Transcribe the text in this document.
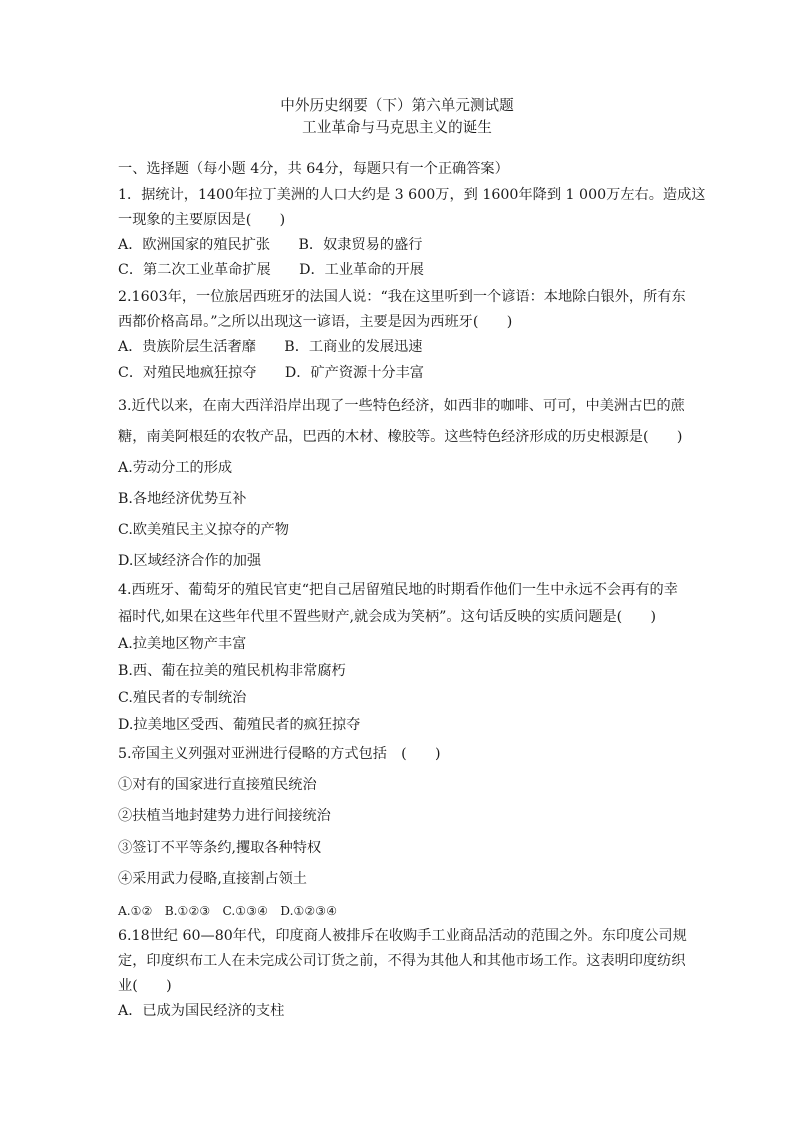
中外历史纲要（下）第六单元测试题
工业革命与马克思主义的诞生
一、选择题（每小题 4分，共 64分，每题只有一个正确答案）
1．据统计，1400年拉丁美洲的人口大约是 3 600万，到 1600年降到 1 000万左右。造成这
一现象的主要原因是(　　)
A．欧洲国家的殖民扩张　　B．奴隶贸易的盛行
C．第二次工业革命扩展　　D．工业革命的开展
2.1603年，一位旅居西班牙的法国人说：“我在这里听到一个谚语：本地除白银外，所有东
西都价格高昂。”之所以出现这一谚语，主要是因为西班牙(　　)
A．贵族阶层生活奢靡　　B．工商业的发展迅速
C．对殖民地疯狂掠夺　　D．矿产资源十分丰富
3.近代以来，在南大西洋沿岸出现了一些特色经济，如西非的咖啡、可可，中美洲古巴的蔗
糖，南美阿根廷的农牧产品，巴西的木材、橡胶等。这些特色经济形成的历史根源是(　　)
A.劳动分工的形成
B.各地经济优势互补
C.欧美殖民主义掠夺的产物
D.区域经济合作的加强
4.西班牙、葡萄牙的殖民官吏“把自己居留殖民地的时期看作他们一生中永远不会再有的幸
福时代,如果在这些年代里不置些财产,就会成为笑柄”。这句话反映的实质问题是(　　)
A.拉美地区物产丰富
B.西、葡在拉美的殖民机构非常腐朽
C.殖民者的专制统治
D.拉美地区受西、葡殖民者的疯狂掠夺
5.帝国主义列强对亚洲进行侵略的方式包括　(　　)
①对有的国家进行直接殖民统治
②扶植当地封建势力进行间接统治
③签订不平等条约,攫取各种特权
④采用武力侵略,直接割占领土
A.①②　B.①②③　C.①③④　D.①②③④
6.18世纪 60—80年代，印度商人被排斥在收购手工业商品活动的范围之外。东印度公司规
定，印度织布工人在未完成公司订货之前，不得为其他人和其他市场工作。这表明印度纺织
业(　　)
A．已成为国民经济的支柱
